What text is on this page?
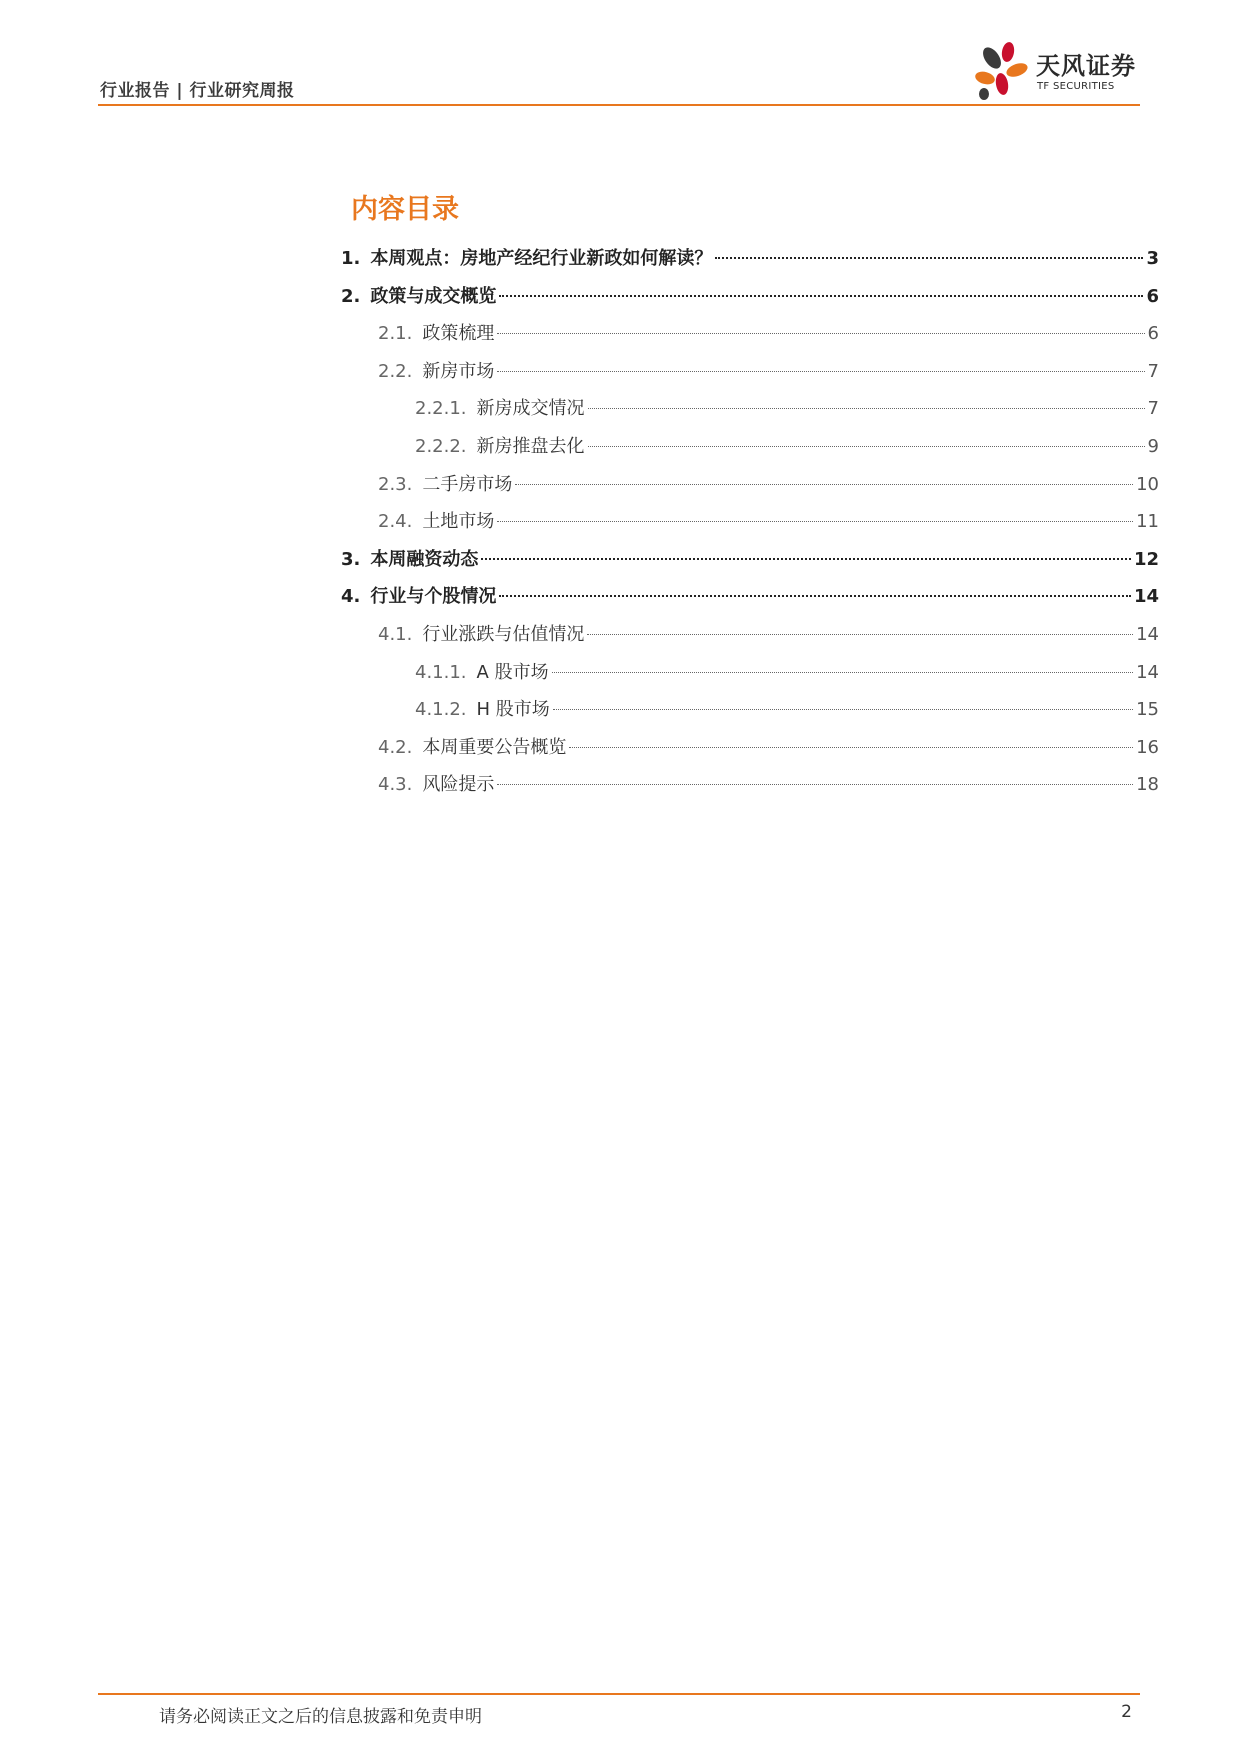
行业报告 | 行业研究周报
天风证券
TF SECURITIES
内容目录
1. 本周观点：房地产经纪行业新政如何解读？	3
2. 政策与成交概览	6
2.1. 政策梳理	6
2.2. 新房市场	7
2.2.1. 新房成交情况	7
2.2.2. 新房推盘去化	9
2.3. 二手房市场	10
2.4. 土地市场	11
3. 本周融资动态	12
4. 行业与个股情况	14
4.1. 行业涨跌与估值情况	14
4.1.1. A 股市场	14
4.1.2. H 股市场	15
4.2. 本周重要公告概览	16
4.3. 风险提示	18
请务必阅读正文之后的信息披露和免责申明	2
